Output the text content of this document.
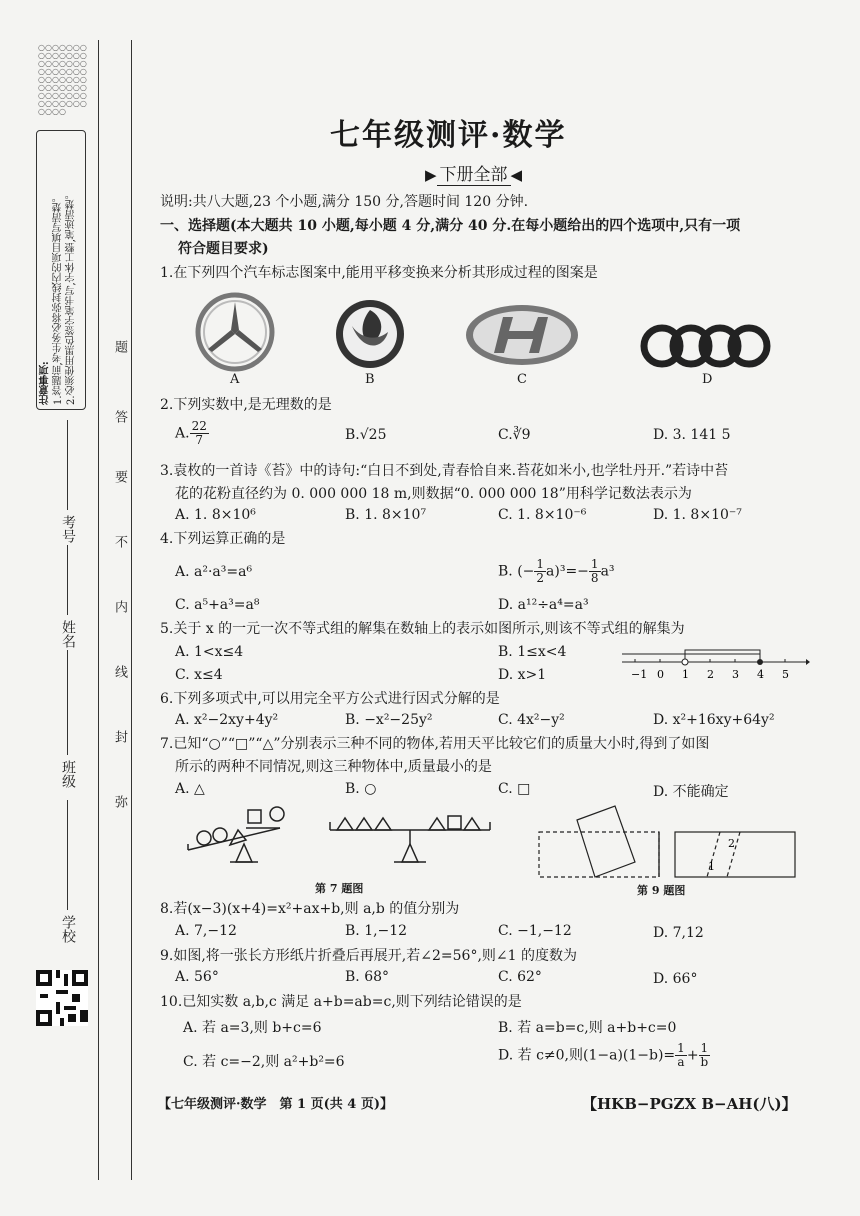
○○○○○○○○○○○○○○○○○○○○○○○○○○○○○○○○○○○○○○○○○○○○○○○○○○○○○○○○○○○○
注意事项: 1.答题前,考生务必将弥封线内的项目填写清楚。 2.必须使用黑色签字笔书写,字体工整,笔迹清楚。
考号
姓名
班级
学校
题
答
要
不
内
线
封
弥
七年级测评·数学
▶ 下册全部 ◀
说明:共八大题,23 个小题,满分 150 分,答题时间 120 分钟.
一、选择题(本大题共 10 小题,每小题 4 分,满分 40 分.在每小题给出的四个选项中,只有一项
符合题目要求)
1.在下列四个汽车标志图案中,能用平移变换来分析其形成过程的图案是
A	B	C	D
2.下列实数中,是无理数的是
A. $\frac{22}{7}$	B.√25	C.∛9	D. 3. 141 5
3.袁枚的一首诗《苔》中的诗句:“白日不到处,青春恰自来.苔花如米小,也学牡丹开.”若诗中苔
花的花粉直径约为 0. 000 000 18 m,则数据“0. 000 000 18”用科学记数法表示为
A. 1. 8×10⁶	B. 1. 8×10⁷	C. 1. 8×10⁻⁶	D. 1. 8×10⁻⁷
4.下列运算正确的是
A. a²·a³=a⁶	B. (− $\frac{1}{2} a)^3=- \frac{1}{8} a^3$
C. a⁵+a³=a⁸	D. a¹²÷a⁴=a³
5.关于 x 的一元一次不等式组的解集在数轴上的表示如图所示,则该不等式组的解集为
A. 1<x≤4	B. 1≤x<4
C. x≤4	D. x>1	−1 0 1 2 3 4 5
6.下列多项式中,可以用完全平方公式进行因式分解的是
A. x²−2xy+4y²	B. −x²−25y²	C. 4x²−y²	D. x²+16xy+64y²
7.已知“○”“□”“△”分别表示三种不同的物体,若用天平比较它们的质量大小时,得到了如图
所示的两种不同情况,则这三种物体中,质量最小的是
A. △	B. ○	C. □	D. 不能确定
第 7 题图
2
1
第 9 题图
8.若(x−3)(x+4)=x²+ax+b,则 a,b 的值分别为
A. 7,−12	B. 1,−12	C. −1,−12	D. 7,12
9.如图,将一张长方形纸片折叠后再展开,若∠2=56°,则∠1 的度数为
A. 56°	B. 68°	C. 62°	D. 66°
10.已知实数 a,b,c 满足 a+b=ab=c,则下列结论错误的是
A. 若 a=3,则 b+c=6	B. 若 a=b=c,则 a+b+c=0
C. 若 c=−2,则 a²+b²=6	D. 若 c≠0,则$(1-a)(1-b)= \frac{1}{a} + \frac{1}{b}$
【七年级测评·数学　第 1 页(共 4 页)】	【HKB−PGZX B−AH(八)】
